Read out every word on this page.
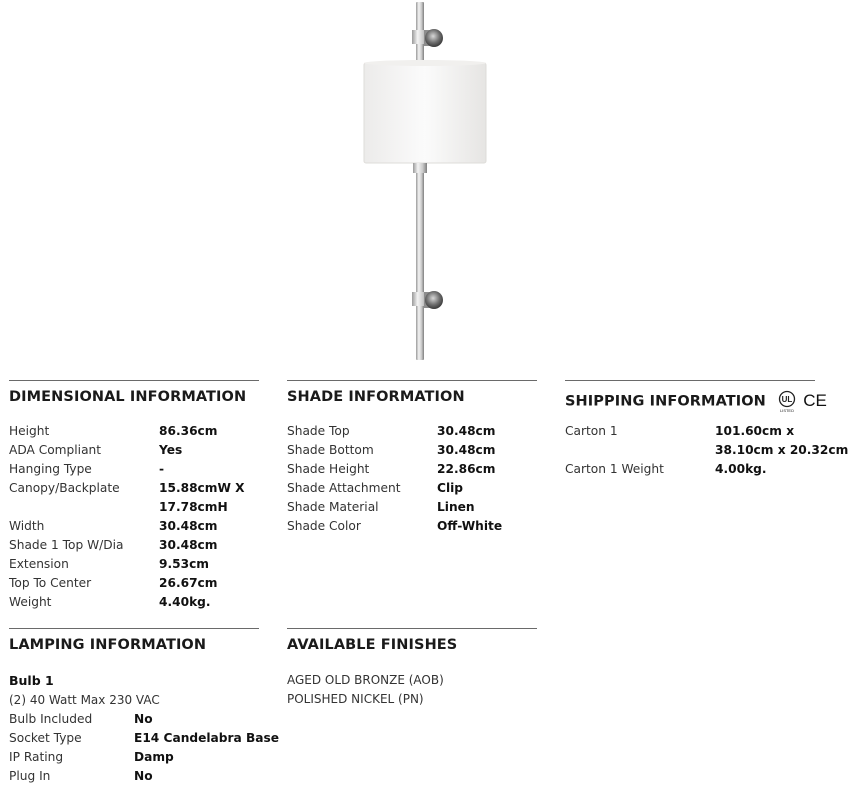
DIMENSIONAL INFORMATION
Height	86.36cm
ADA Compliant	Yes
Hanging Type	-
Canopy/Backplate	15.88cmW X
17.78cmH
Width	30.48cm
Shade 1 Top W/Dia	30.48cm
Extension	9.53cm
Top To Center	26.67cm
Weight	4.40kg.
SHADE INFORMATION
Shade Top	30.48cm
Shade Bottom	30.48cm
Shade Height	22.86cm
Shade Attachment	Clip
Shade Material	Linen
Shade Color	Off-White
SHIPPING INFORMATION UL
LISTED
CE
Carton 1	101.60cm x
38.10cm x 20.32cm
Carton 1 Weight	4.00kg.
LAMPING INFORMATION
Bulb 1
(2) 40 Watt Max 230 VAC
Bulb Included	No
Socket Type	E14 Candelabra Base
IP Rating	Damp
Plug In	No
AVAILABLE FINISHES
AGED OLD BRONZE (AOB)
POLISHED NICKEL (PN)
